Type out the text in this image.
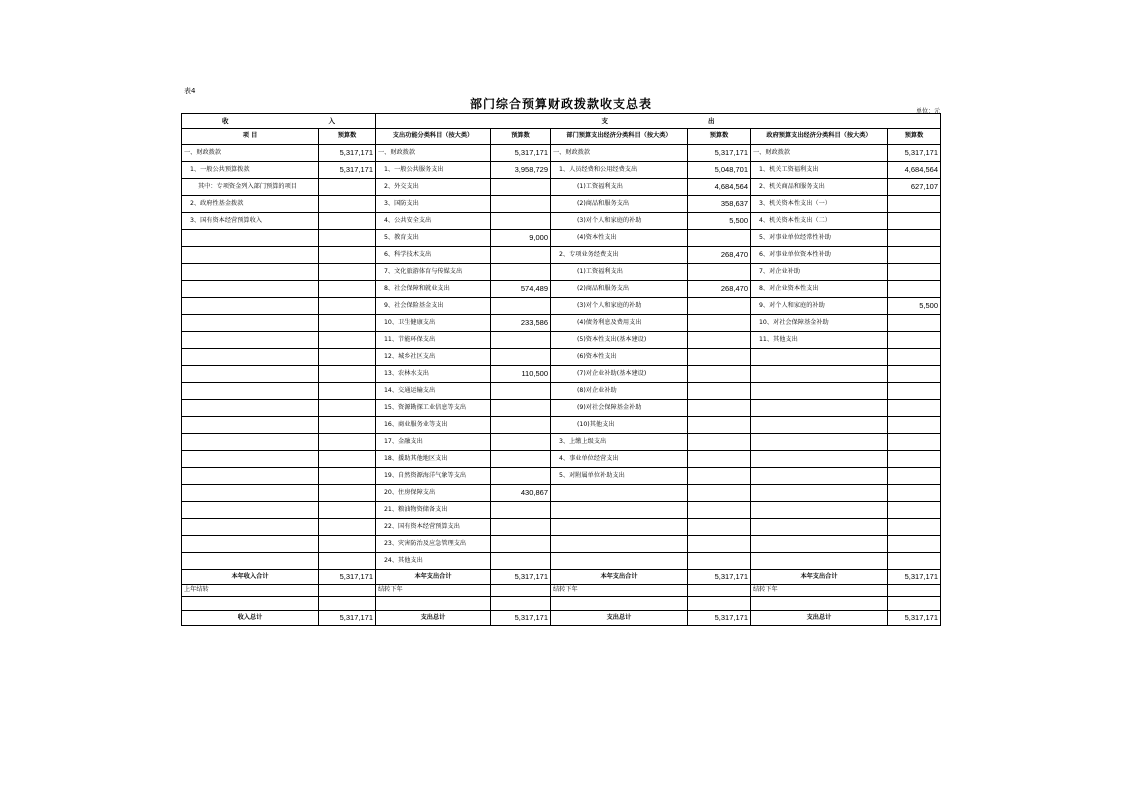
表4
部门综合预算财政拨款收支总表
单位：元
收 入		支 出					
项 目	预算数	支出功能分类科目（按大类）	预算数	部门预算支出经济分类科目（按大类）	预算数	政府预算支出经济分类科目（按大类）	预算数
一、财政拨款	5,317,171	一、财政拨款	5,317,171	一、财政拨款	5,317,171	一、财政拨款	5,317,171
1、一般公共预算拨款	5,317,171	1、一般公共服务支出	3,958,729	1、人员经费和公用经费支出	5,048,701	1、机关工资福利支出	4,684,564
其中：专项资金列入部门预算的项目		2、外交支出		(1)工资福利支出	4,684,564	2、机关商品和服务支出	627,107
2、政府性基金拨款		3、国防支出		(2)商品和服务支出	358,637	3、机关资本性支出（一）	
3、国有资本经营预算收入		4、公共安全支出		(3)对个人和家庭的补助	5,500	4、机关资本性支出（二）	
		5、教育支出	9,000	(4)资本性支出		5、对事业单位经常性补助	
		6、科学技术支出		2、专项业务经费支出	268,470	6、对事业单位资本性补助	
		7、文化旅游体育与传媒支出		(1)工资福利支出		7、对企业补助	
		8、社会保障和就业支出	574,489	(2)商品和服务支出	268,470	8、对企业资本性支出	
		9、社会保险基金支出		(3)对个人和家庭的补助		9、对个人和家庭的补助	5,500
		10、卫生健康支出	233,586	(4)债务利息及费用支出		10、对社会保障基金补助	
		11、节能环保支出		(5)资本性支出(基本建设)		11、其他支出	
		12、城乡社区支出		(6)资本性支出			
		13、农林水支出	110,500	(7)对企业补助(基本建设)			
		14、交通运输支出		(8)对企业补助			
		15、资源勘探工业信息等支出		(9)对社会保障基金补助			
		16、商业服务业等支出		(10)其他支出			
		17、金融支出		3、上缴上级支出			
		18、援助其他地区支出		4、事业单位经营支出			
		19、自然资源海洋气象等支出		5、对附属单位补助支出			
		20、住房保障支出	430,867				
		21、粮油物资储备支出					
		22、国有资本经营预算支出					
		23、灾害防治及应急管理支出					
		24、其他支出					
本年收入合计	5,317,171	本年支出合计	5,317,171	本年支出合计	5,317,171	本年支出合计	5,317,171
上年结转		结转下年		结转下年		结转下年	

收入总计	5,317,171	支出总计	5,317,171	支出总计	5,317,171	支出总计	5,317,171
